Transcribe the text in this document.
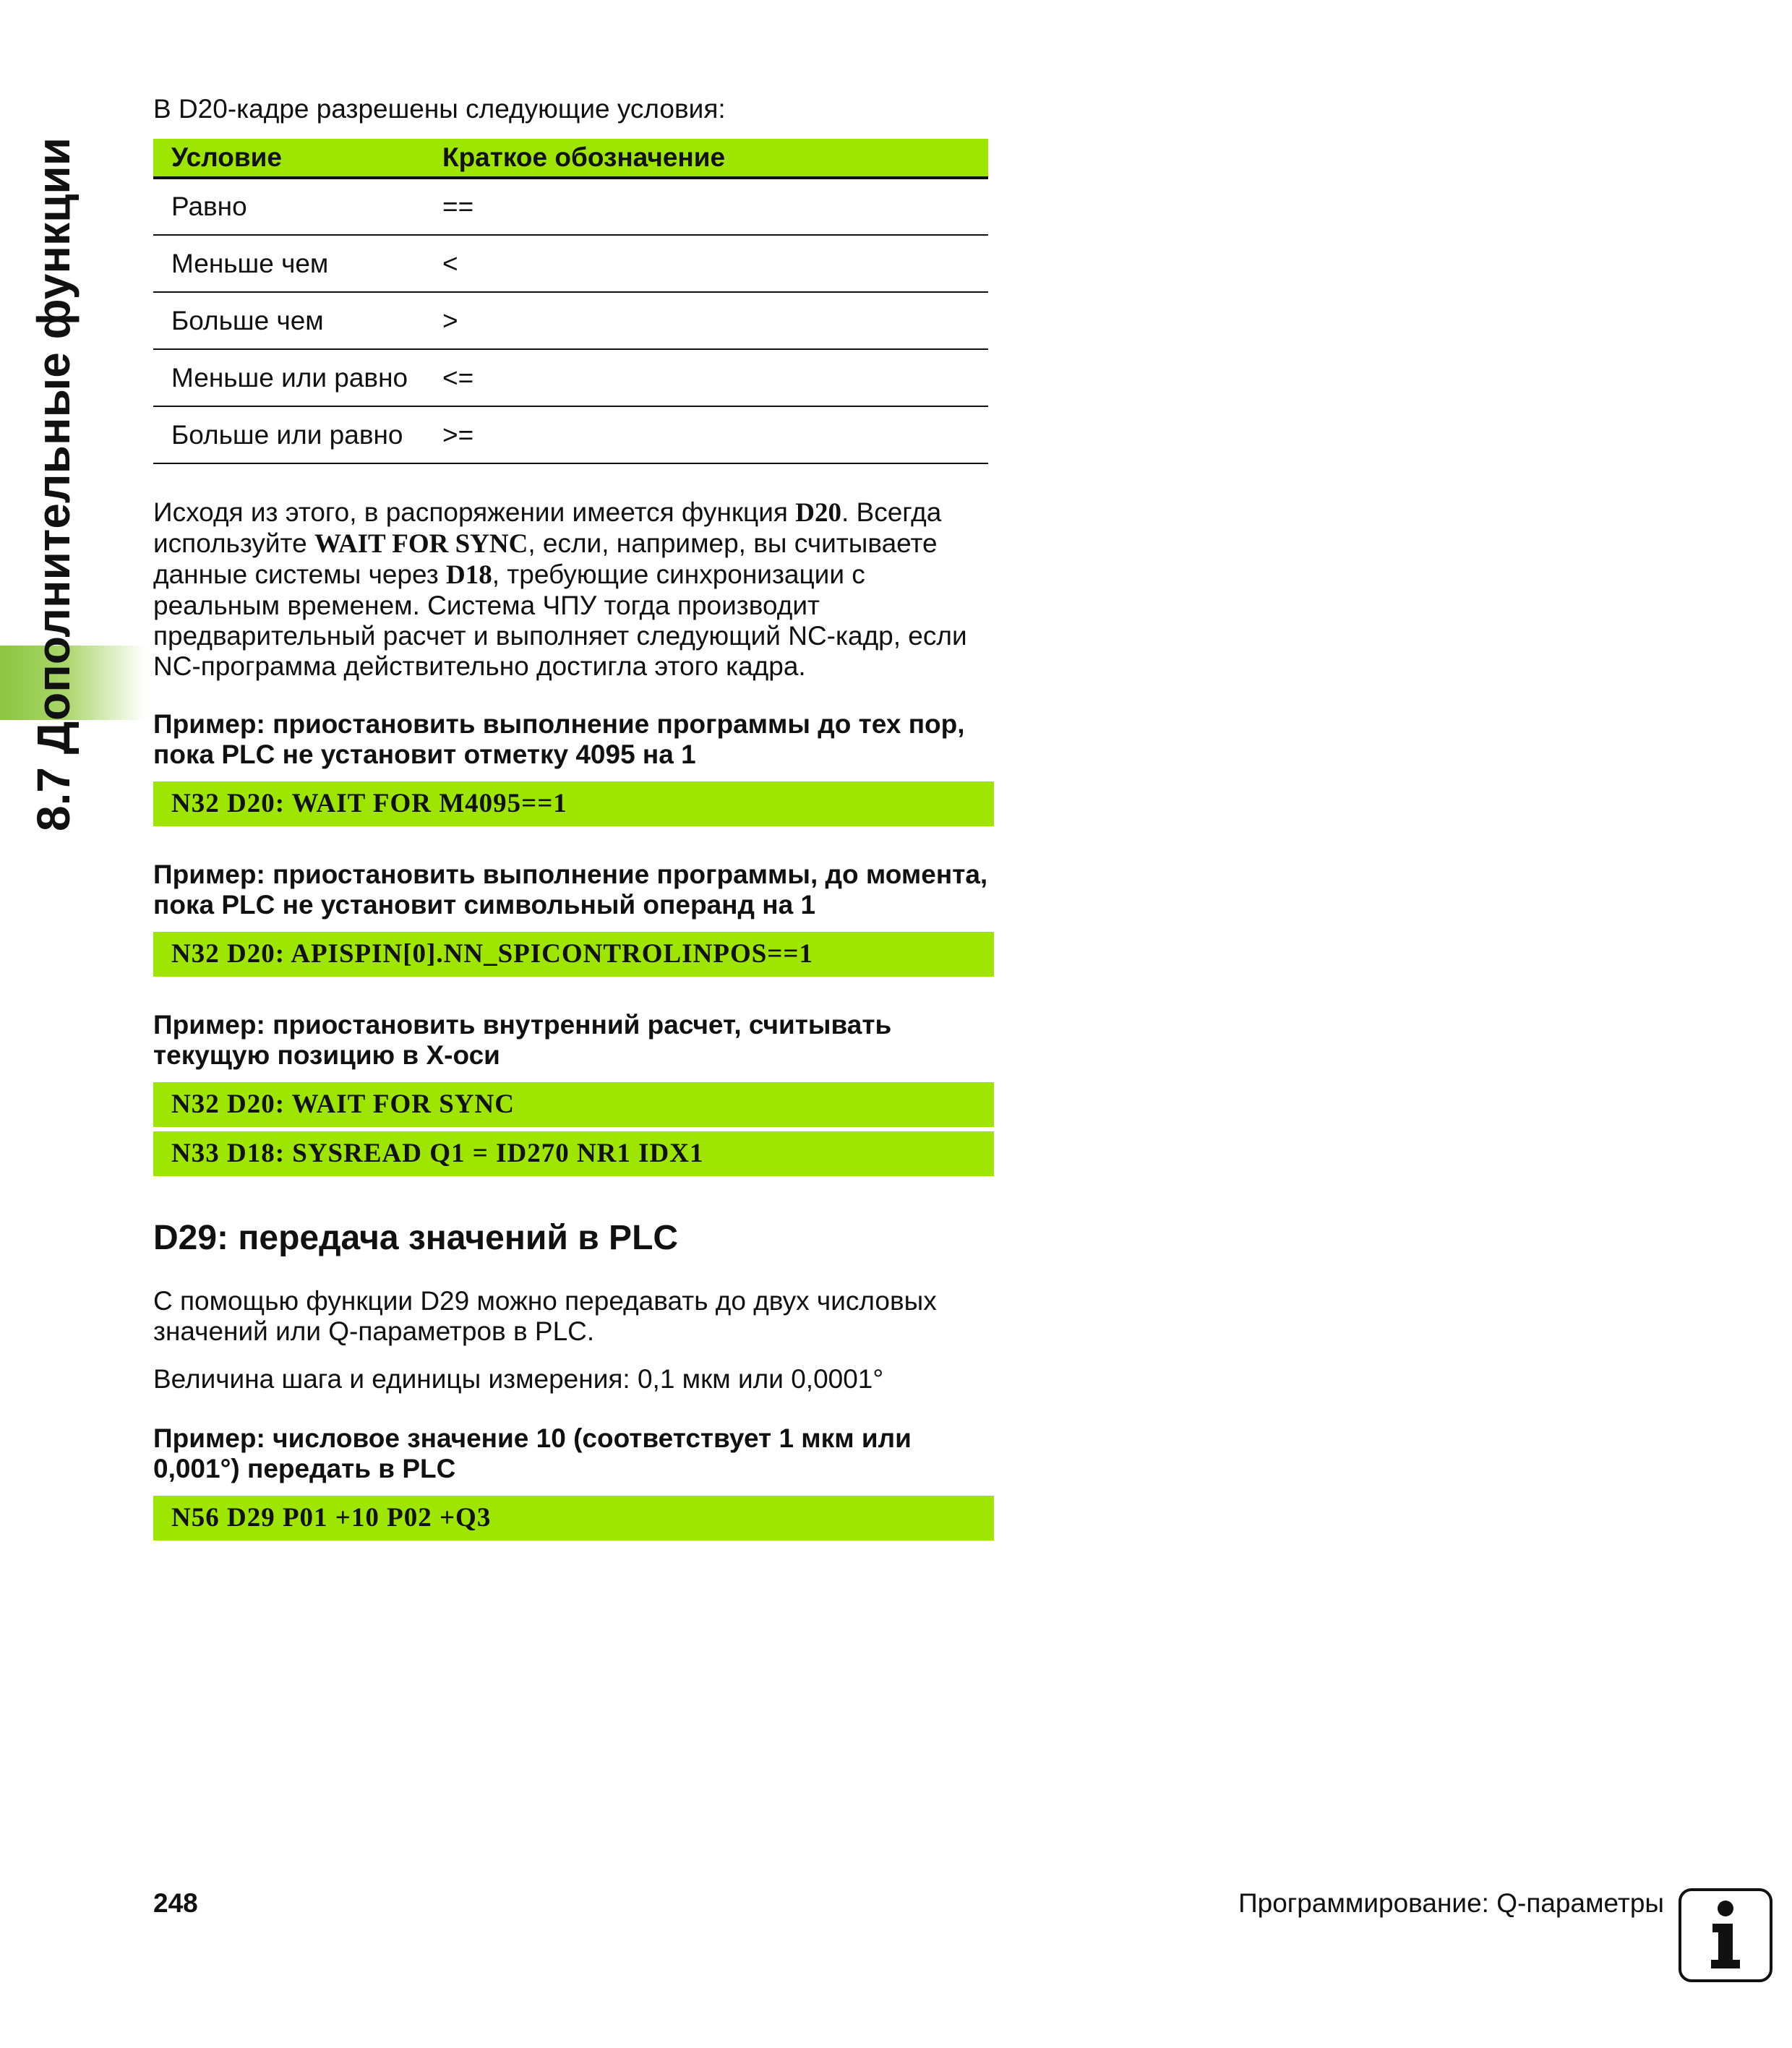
8.7 Дополнительные функции
В D20-кадре разрешены следующие условия:
Условие	Краткое обозначение
Равно	==
Меньше чем	<
Больше чем	>
Меньше или равно	<=
Больше или равно	>=
Исходя из этого, в распоряжении имеется функция D20. Всегда используйте WAIT FOR SYNC, если, например, вы считываете данные системы через D18, требующие синхронизации с реальным временем. Система ЧПУ тогда производит предварительный расчет и выполняет следующий NC-кадр, если NC-программа действительно достигла этого кадра.
Пример: приостановить выполнение программы до тех пор, пока PLC не установит отметку 4095 на 1
N32 D20: WAIT FOR M4095==1
Пример: приостановить выполнение программы, до момента, пока PLC не установит символьный операнд на 1
N32 D20: APISPIN[0].NN_SPICONTROLINPOS==1
Пример: приостановить внутренний расчет, считывать текущую позицию в X-оси
N32 D20: WAIT FOR SYNC
N33 D18: SYSREAD Q1 = ID270 NR1 IDX1
D29: передача значений в PLC
С помощью функции D29 можно передавать до двух числовых значений или Q-параметров в PLC.
Величина шага и единицы измерения: 0,1 мкм или 0,0001°
Пример: числовое значение 10 (соответствует 1 мкм или 0,001°) передать в PLC
N56 D29 P01 +10 P02 +Q3
248	Программирование: Q-параметры
